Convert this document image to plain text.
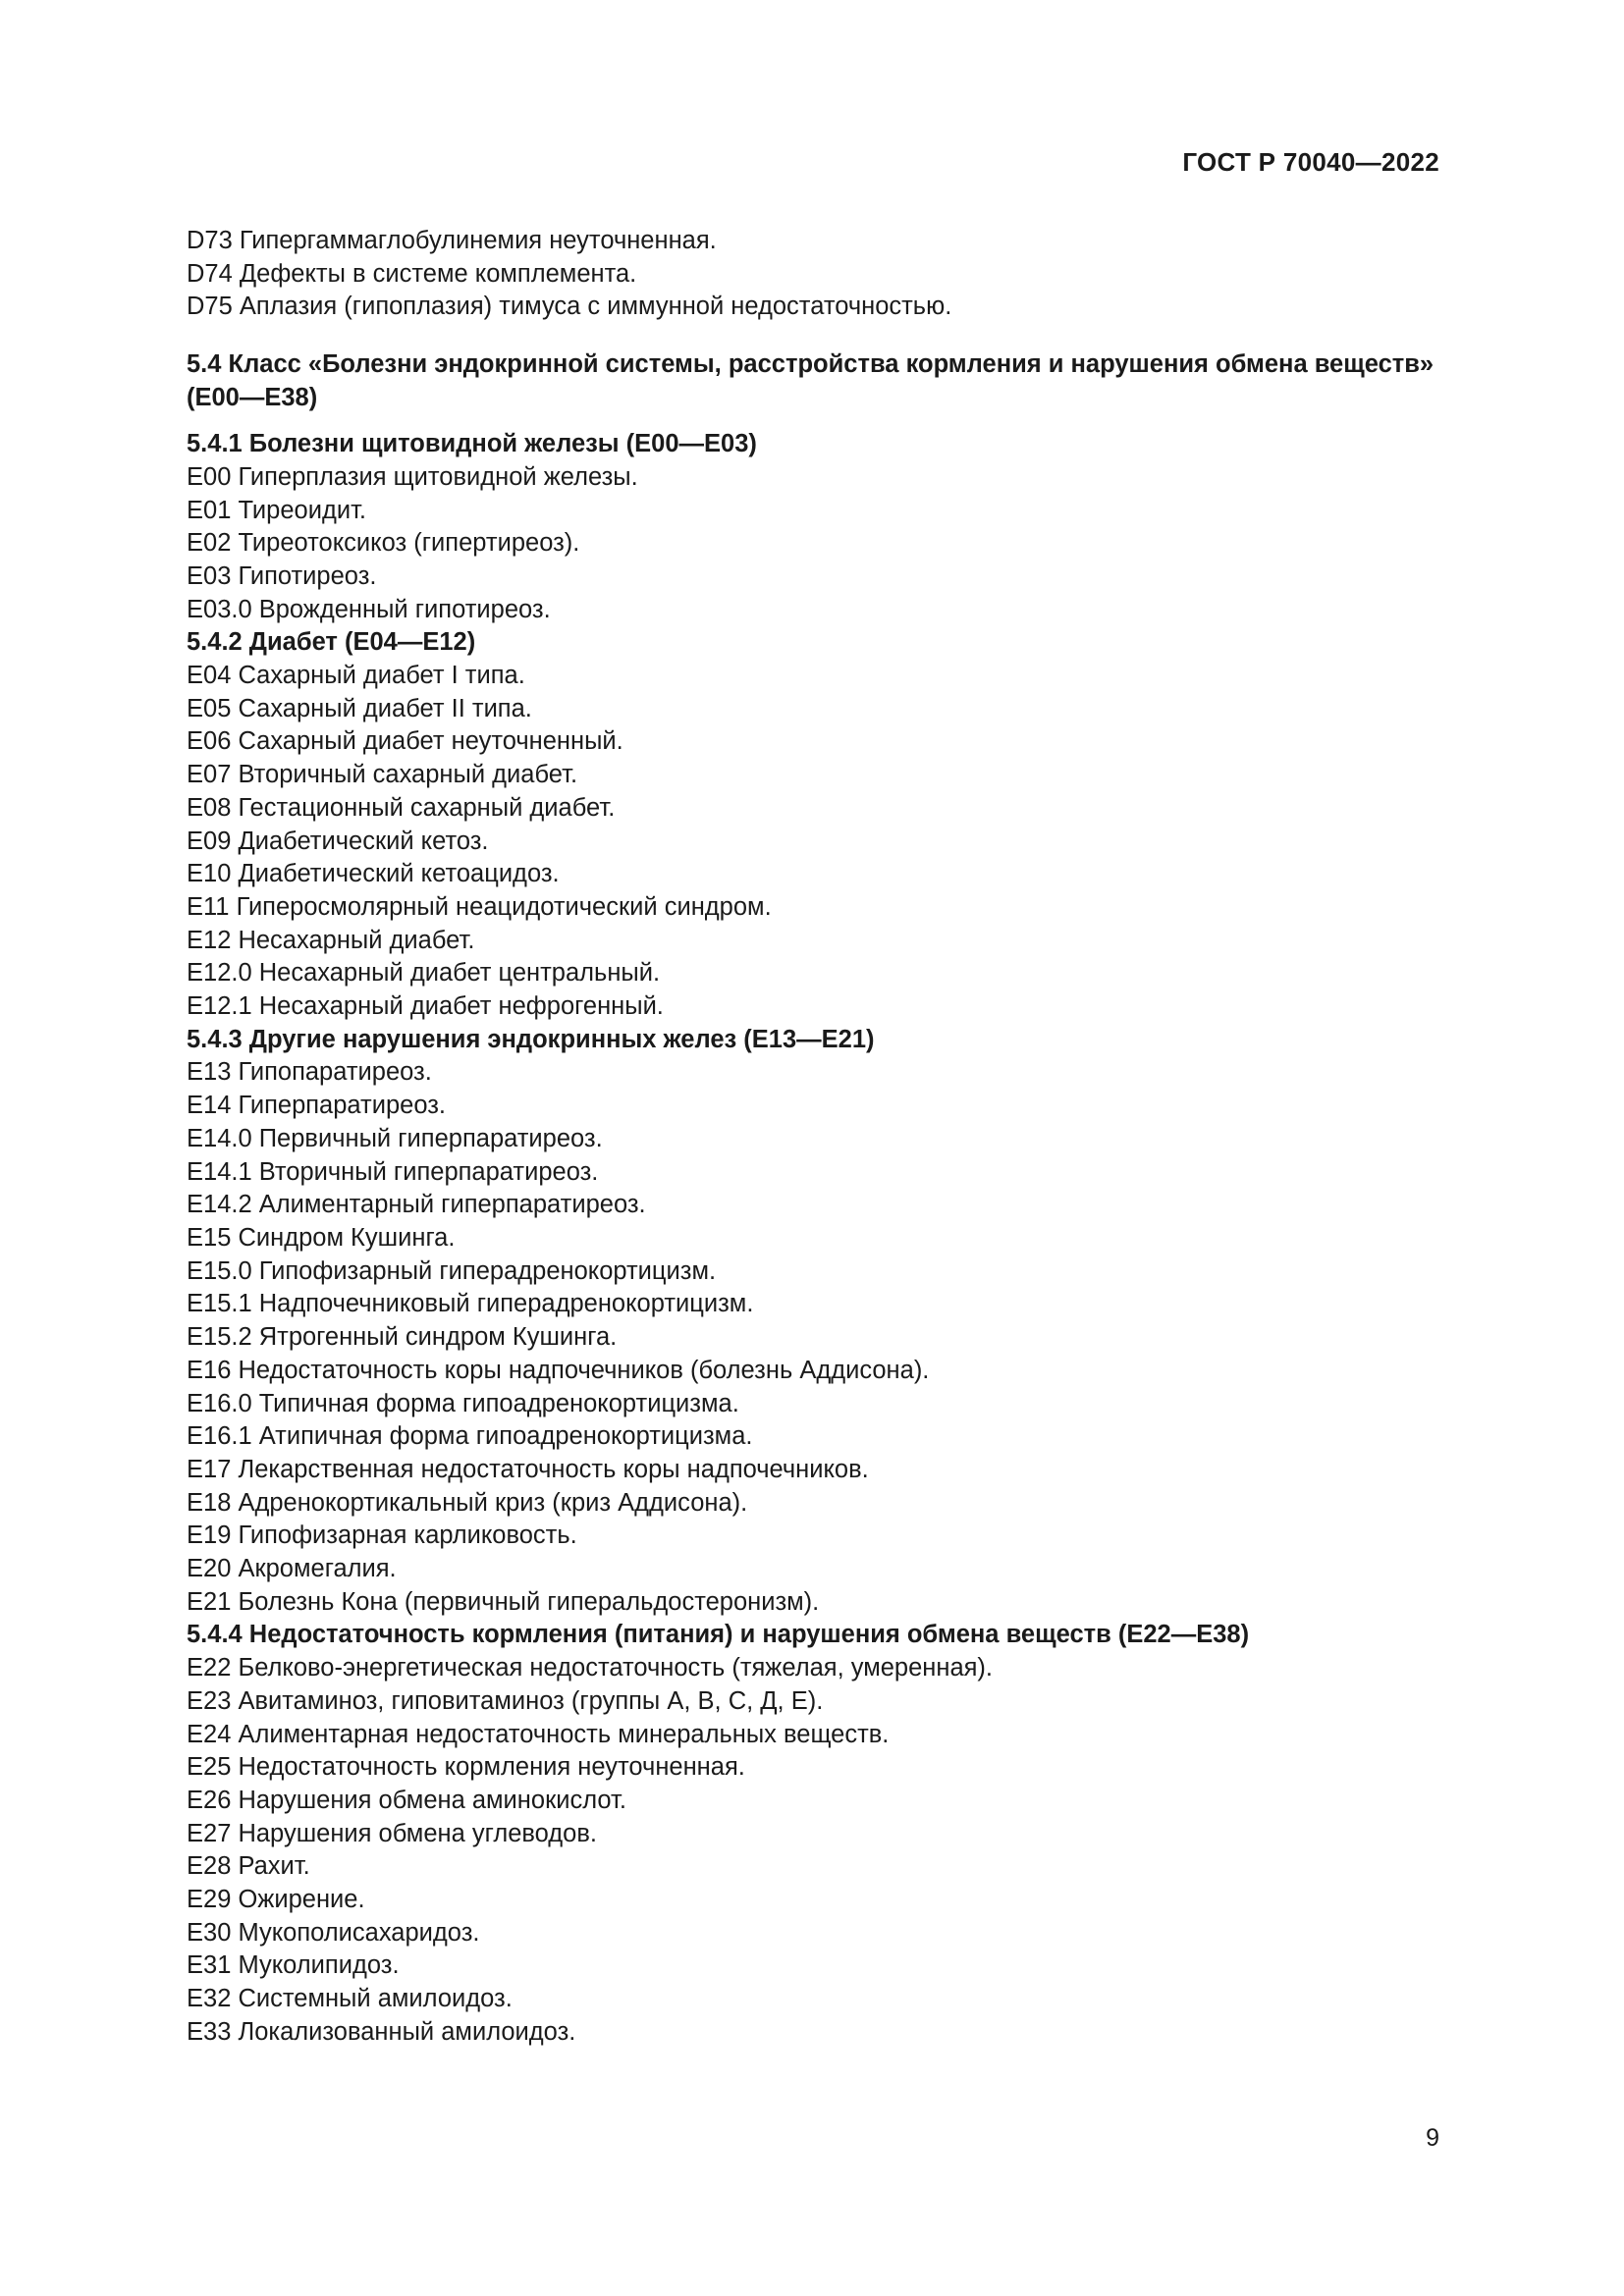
ГОСТ Р 70040—2022
D73 Гипергаммаглобулинемия неуточненная.
D74 Дефекты в системе комплемента.
D75 Аплазия (гипоплазия) тимуса с иммунной недостаточностью.
5.4 Класс «Болезни эндокринной системы, расстройства кормления и нарушения обмена веществ» (Е00—Е38)
5.4.1 Болезни щитовидной железы (Е00—Е03)
Е00 Гиперплазия щитовидной железы.
Е01 Тиреоидит.
Е02 Тиреотоксикоз (гипертиреоз).
Е03 Гипотиреоз.
Е03.0 Врожденный гипотиреоз.
5.4.2 Диабет (Е04—Е12)
Е04 Сахарный диабет I типа.
Е05 Сахарный диабет II типа.
Е06 Сахарный диабет неуточненный.
Е07 Вторичный сахарный диабет.
Е08 Гестационный сахарный диабет.
Е09 Диабетический кетоз.
Е10 Диабетический кетоацидоз.
Е11 Гиперосмолярный неацидотический синдром.
Е12 Несахарный диабет.
Е12.0 Несахарный диабет центральный.
Е12.1 Несахарный диабет нефрогенный.
5.4.3 Другие нарушения эндокринных желез (Е13—Е21)
Е13 Гипопаратиреоз.
Е14 Гиперпаратиреоз.
Е14.0 Первичный гиперпаратиреоз.
Е14.1 Вторичный гиперпаратиреоз.
Е14.2 Алиментарный гиперпаратиреоз.
Е15 Синдром Кушинга.
Е15.0 Гипофизарный гиперадренокортицизм.
Е15.1 Надпочечниковый гиперадренокортицизм.
Е15.2 Ятрогенный синдром Кушинга.
Е16 Недостаточность коры надпочечников (болезнь Аддисона).
Е16.0 Типичная форма гипоадренокортицизма.
Е16.1 Атипичная форма гипоадренокортицизма.
Е17 Лекарственная недостаточность коры надпочечников.
Е18 Адренокортикальный криз (криз Аддисона).
Е19 Гипофизарная карликовость.
Е20 Акромегалия.
Е21 Болезнь Кона (первичный гиперальдостеронизм).
5.4.4 Недостаточность кормления (питания) и нарушения обмена веществ (Е22—Е38)
Е22 Белково-энергетическая недостаточность (тяжелая, умеренная).
Е23 Авитаминоз, гиповитаминоз (группы А, В, С, Д, Е).
Е24 Алиментарная недостаточность минеральных веществ.
Е25 Недостаточность кормления неуточненная.
Е26 Нарушения обмена аминокислот.
Е27 Нарушения обмена углеводов.
Е28 Рахит.
Е29 Ожирение.
Е30 Мукополисахаридоз.
Е31 Муколипидоз.
Е32 Системный амилоидоз.
Е33 Локализованный амилоидоз.
9
